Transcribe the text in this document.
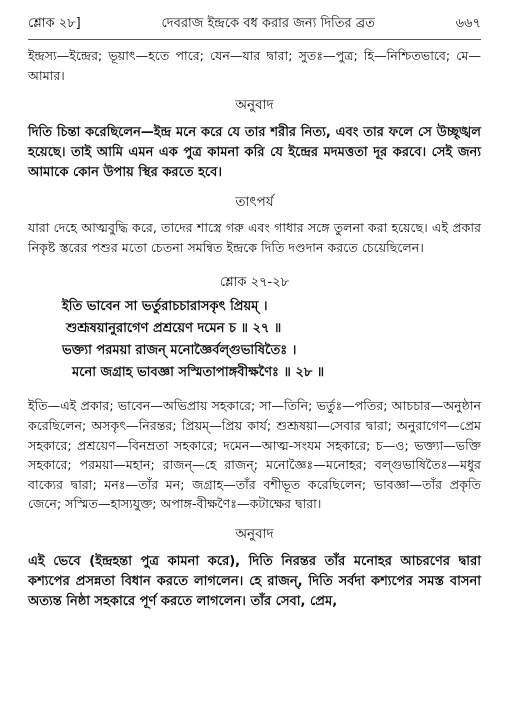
শ্লোক ২৮]	দেবরাজ ইন্দ্রকে বধ করার জন্য দিতির ব্রত	৬৬৭

ইন্দ্রস্য—ইন্দ্রের; ভূয়াৎ—হতে পারে; যেন—যার দ্বারা; সুতঃ—পুত্র; হি—নিশ্চিতভাবে; মে—আমার।

অনুবাদ

দিতি চিন্তা করেছিলেন—ইন্দ্র মনে করে যে তার শরীর নিত্য, এবং তার ফলে সে উচ্ছৃঙ্খল হয়েছে। তাই আমি এমন এক পুত্র কামনা করি যে ইন্দ্রের মদমত্ততা দূর করবে। সেই জন্য আমাকে কোন উপায় স্থির করতে হবে।

তাৎপর্য

যারা দেহে আত্মবুদ্ধি করে, তাদের শাস্ত্রে গরু এবং গাধার সঙ্গে তুলনা করা হয়েছে। এই প্রকার নিকৃষ্ট স্তরের পশুর মতো চেতনা সমন্বিত ইন্দ্রকে দিতি দণ্ডদান করতে চেয়েছিলেন।

শ্লোক ২৭-২৮
ইতি ভাবেন সা ভর্তুরাচচারাসকৃৎ প্রিয়ম্ ।
শুশ্রূষয়ানুরাগেণ প্রশ্রয়েণ দমেন চ ॥ ২৭ ॥
ভক্ত্যা পরময়া রাজন্ মনোজ্ঞৈর্বল্গুভাষিতৈঃ ।
মনো জগ্রাহ ভাবজ্ঞা সস্মিতাপাঙ্গবীক্ষণৈঃ ॥ ২৮ ॥

ইতি—এই প্রকার; ভাবেন—অভিপ্রায় সহকারে; সা—তিনি; ভর্তুঃ—পতির; আচচার—অনুষ্ঠান করেছিলেন; অসকৃৎ—নিরন্তর; প্রিয়ম্—প্রিয় কার্য; শুশ্রূষয়া—সেবার দ্বারা; অনুরাগেণ—প্রেম সহকারে; প্রশ্রয়েণ—বিনম্রতা সহকারে; দমেন—আত্ম-সংযম সহকারে; চ—ও; ভক্ত্যা—ভক্তি সহকারে; পরময়া—মহান; রাজন্—হে রাজন্; মনোজ্ঞৈঃ—মনোহর; বল্গুভাষিতৈঃ—মধুর বাক্যের দ্বারা; মনঃ—তাঁর মন; জগ্রাহ—তাঁর বশীভূত করেছিলেন; ভাবজ্ঞা—তাঁর প্রকৃতি জেনে; সস্মিত—হাস্যযুক্ত; অপাঙ্গ-বীক্ষণৈঃ—কটাক্ষের দ্বারা।

অনুবাদ

এই ভেবে (ইন্দ্রহন্তা পুত্র কামনা করে), দিতি নিরন্তর তাঁর মনোহর আচরণের দ্বারা কশ্যপের প্রসন্নতা বিধান করতে লাগলেন। হে রাজন্, দিতি সর্বদা কশ্যপের সমস্ত বাসনা অত্যন্ত নিষ্ঠা সহকারে পূর্ণ করতে লাগলেন। তাঁর সেবা, প্রেম,
